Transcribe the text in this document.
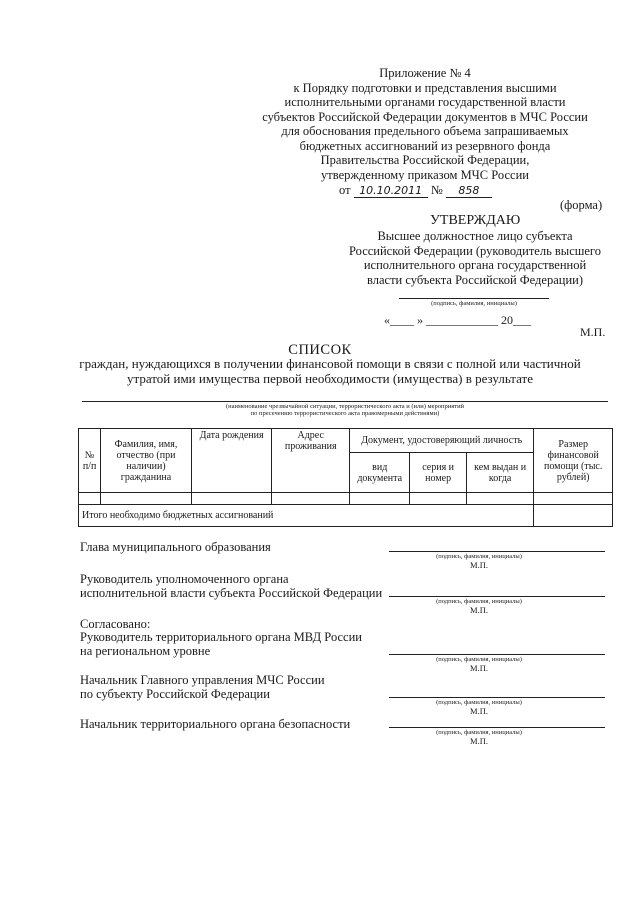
Приложение № 4
к Порядку подготовки и представления высшими
исполнительными органами государственной власти
субъектов Российской Федерации документов в МЧС России
для обоснования предельного объема запрашиваемых
бюджетных ассигнований из резервного фонда
Правительства Российской Федерации,
утвержденному приказом МЧС России
от 10.10.2011 № 858
(форма)
УТВЕРЖДАЮ
Высшее должностное лицо субъекта
Российской Федерации (руководитель высшего
исполнительного органа государственной
власти субъекта Российской Федерации)
(подпись, фамилия, инициалы)
«____ » ____________ 20___
М.П.
СПИСОК
граждан, нуждающихся в получении финансовой помощи в связи с полной или частичной
утратой ими имущества первой необходимости (имущества) в результате
(наименование чрезвычайной ситуации, террористического акта и (или) мероприятий
по пресечению террористического акта правомерными действиями)
№ п/п	Фамилия, имя, отчество (при наличии) гражданина	Дата рождения	Адрес проживания	Документ, удостоверяющий личность			Размер финансовой помощи (тыс. рублей)
				вид документа	серия и номер	кем выдан и когда	

Итого необходимо бюджетных ассигнований							
Глава муниципального образования
(подпись, фамилия, инициалы)
М.П.
Руководитель уполномоченного органа
исполнительной власти субъекта Российской Федерации
(подпись, фамилия, инициалы)
М.П.
Согласовано:
Руководитель территориального органа МВД России
на региональном уровне
(подпись, фамилия, инициалы)
М.П.
Начальник Главного управления МЧС России
по субъекту Российской Федерации
(подпись, фамилия, инициалы)
М.П.
Начальник территориального органа безопасности
(подпись, фамилия, инициалы)
М.П.
